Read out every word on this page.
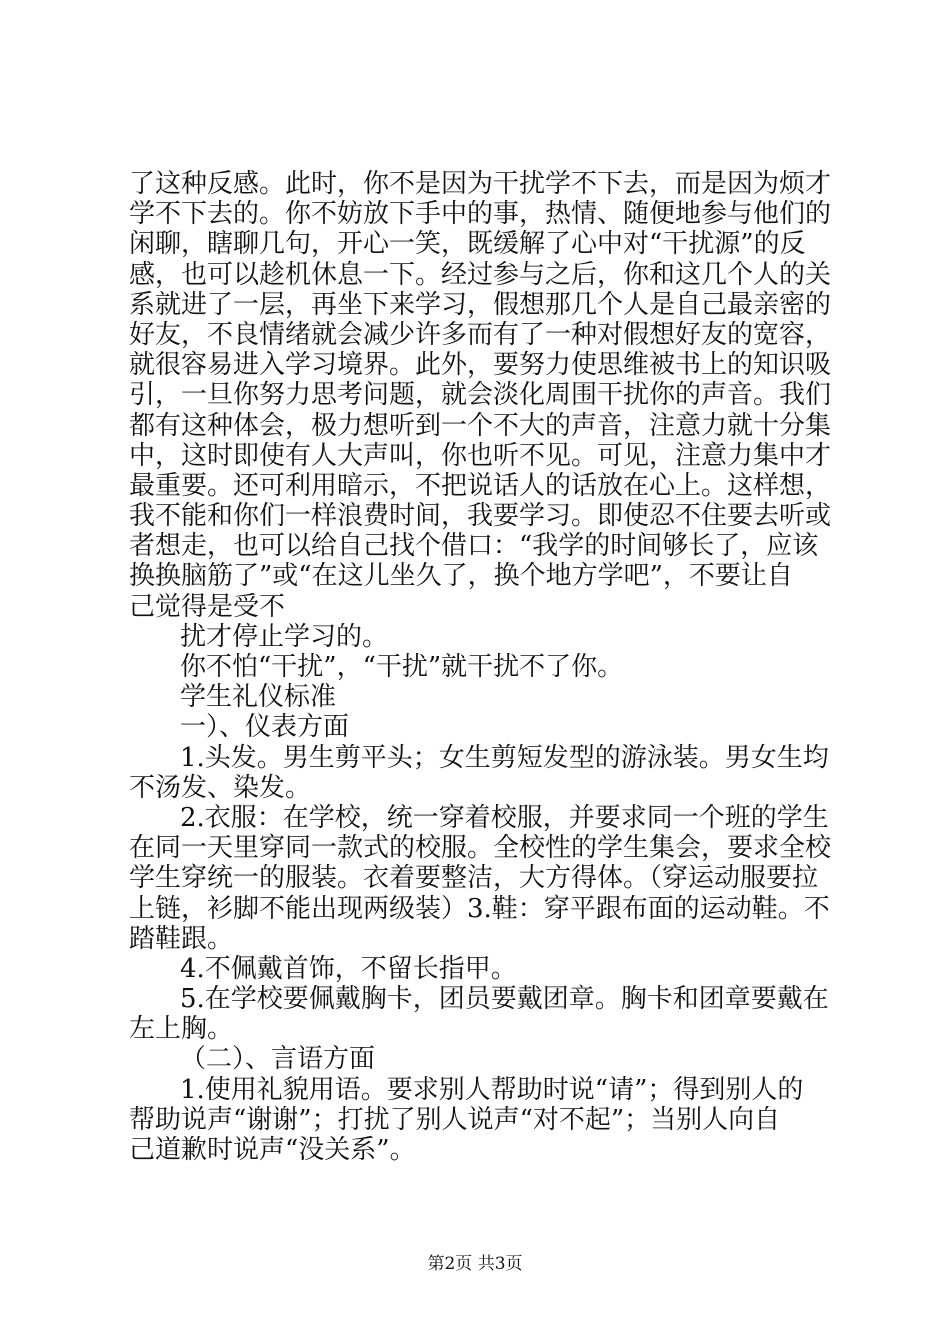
了这种反感。此时，你不是因为干扰学不下去，而是因为烦才
学不下去的。你不妨放下手中的事，热情、随便地参与他们的
闲聊，瞎聊几句，开心一笑，既缓解了心中对“干扰源”的反
感，也可以趁机休息一下。经过参与之后，你和这几个人的关
系就进了一层，再坐下来学习，假想那几个人是自己最亲密的
好友，不良情绪就会减少许多而有了一种对假想好友的宽容，
就很容易进入学习境界。此外，要努力使思维被书上的知识吸
引，一旦你努力思考问题，就会淡化周围干扰你的声音。我们
都有这种体会，极力想听到一个不大的声音，注意力就十分集
中，这时即使有人大声叫，你也听不见。可见，注意力集中才
最重要。还可利用暗示，不把说话人的话放在心上。这样想，
我不能和你们一样浪费时间，我要学习。即使忍不住要去听或
者想走，也可以给自己找个借口：“我学的时间够长了，应该
换换脑筋了”或“在这儿坐久了，换个地方学吧”，不要让自
己觉得是受不
扰才停止学习的。
你不怕“干扰”，“干扰”就干扰不了你。
学生礼仪标准
一）、仪表方面
1.头发。男生剪平头；女生剪短发型的游泳装。男女生均
不汤发、染发。
2.衣服：在学校，统一穿着校服，并要求同一个班的学生
在同一天里穿同一款式的校服。全校性的学生集会，要求全校
学生穿统一的服装。衣着要整洁，大方得体。（穿运动服要拉
上链，衫脚不能出现两级装）3.鞋：穿平跟布面的运动鞋。不
踏鞋跟。
4.不佩戴首饰，不留长指甲。
5.在学校要佩戴胸卡，团员要戴团章。胸卡和团章要戴在
左上胸。
（二）、言语方面
1.使用礼貌用语。要求别人帮助时说“请”；得到别人的
帮助说声“谢谢”；打扰了别人说声“对不起”；当别人向自
己道歉时说声“没关系”。
第2页 共3页
